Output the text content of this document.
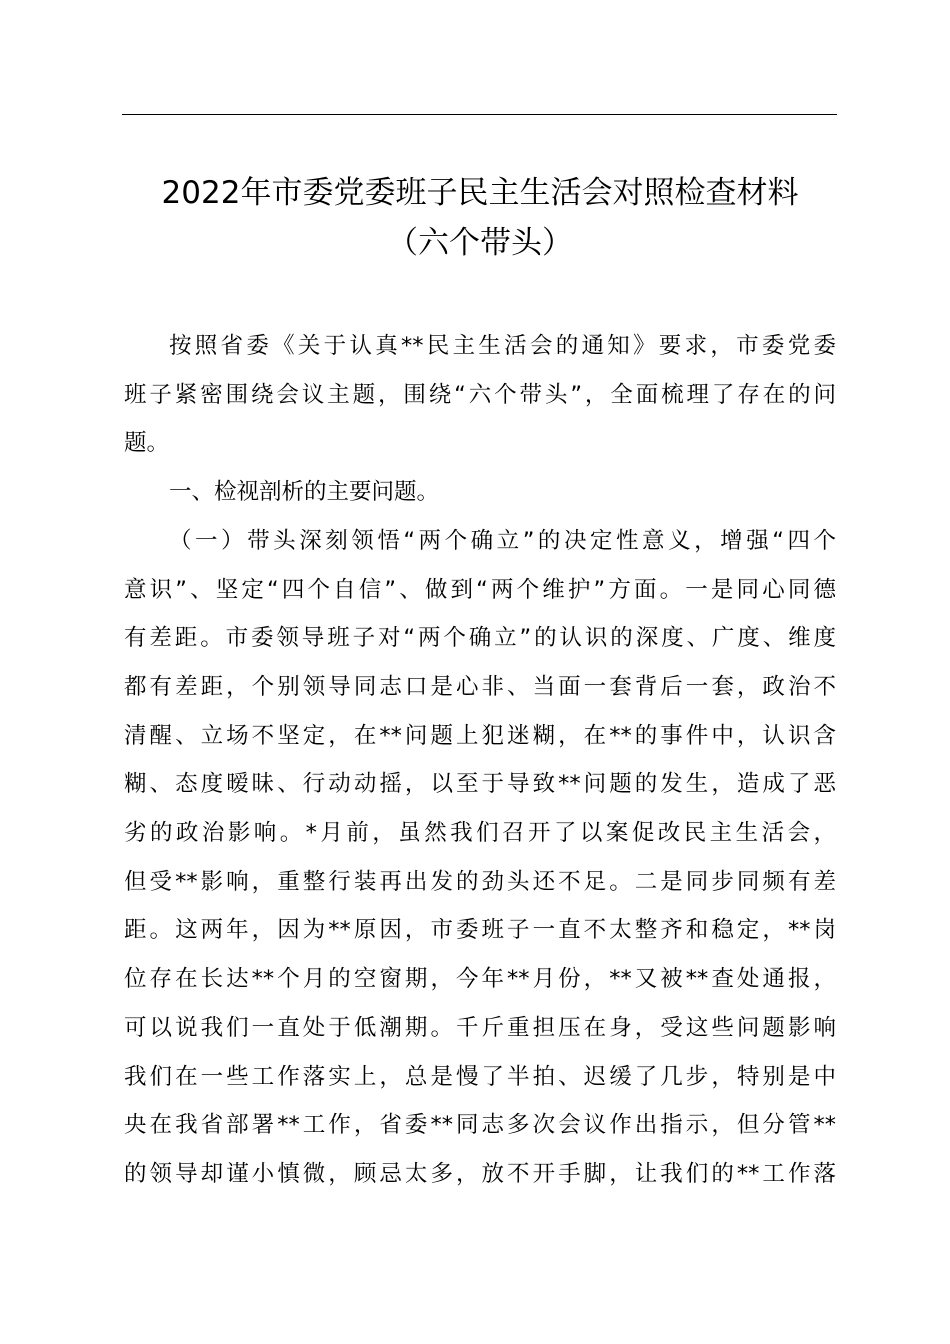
2022年市委党委班子民主生活会对照检查材料
（六个带头）
按照省委《关于认真**民主生活会的通知》要求，市委党委
班子紧密围绕会议主题，围绕“六个带头”，全面梳理了存在的问
题。
一、检视剖析的主要问题。
（一）带头深刻领悟“两个确立”的决定性意义，增强“四个
意识”、坚定“四个自信”、做到“两个维护”方面。一是同心同德
有差距。市委领导班子对“两个确立”的认识的深度、广度、维度
都有差距，个别领导同志口是心非、当面一套背后一套，政治不
清醒、立场不坚定，在**问题上犯迷糊，在**的事件中，认识含
糊、态度暧昧、行动动摇，以至于导致**问题的发生，造成了恶
劣的政治影响。*月前，虽然我们召开了以案促改民主生活会，
但受**影响，重整行装再出发的劲头还不足。二是同步同频有差
距。这两年，因为**原因，市委班子一直不太整齐和稳定，**岗
位存在长达**个月的空窗期，今年**月份，**又被**查处通报，
可以说我们一直处于低潮期。千斤重担压在身，受这些问题影响
我们在一些工作落实上，总是慢了半拍、迟缓了几步，特别是中
央在我省部署**工作，省委**同志多次会议作出指示，但分管**
的领导却谨小慎微，顾忌太多，放不开手脚，让我们的**工作落
